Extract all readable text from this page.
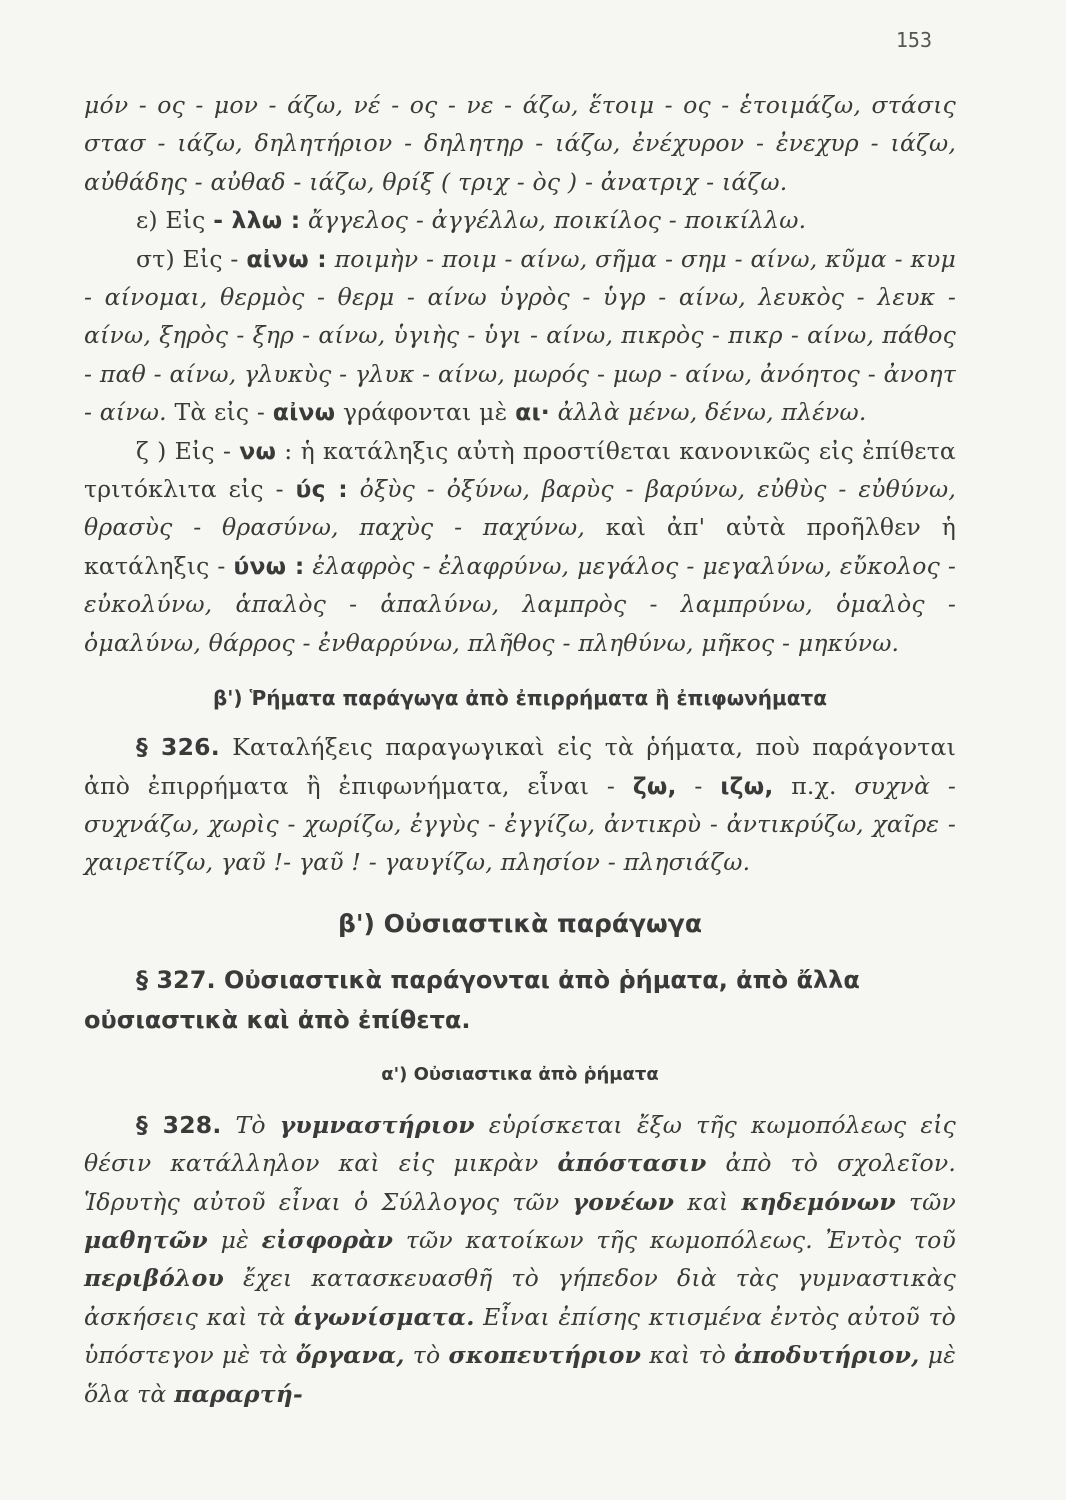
153

μόν - ος - μον - άζω, νέ - ος - νε - άζω, ἕτοιμ - ος - ἑτοιμάζω, στάσις στασ - ιάζω, δηλητήριον - δηλητηρ - ιάζω, ἐνέχυρον - ἐνεχυρ - ιάζω, αὐθάδης - αὐθαδ - ιάζω, θρίξ ( τριχ - ὸς ) - ἀνατριχ - ιάζω.

ε) Εἰς - λλω : ἄγγελος - ἀγγέλλω, ποικίλος - ποικίλλω.

στ) Εἰς - αἰνω : ποιμὴν - ποιμ - αίνω, σῆμα - σημ - αίνω, κῦμα - κυμ - αίνομαι, θερμὸς - θερμ - αίνω ὑγρὸς - ὑγρ - αίνω, λευκὸς - λευκ - αίνω, ξηρὸς - ξηρ - αίνω, ὑγιὴς - ὑγι - αίνω, πικρὸς - πικρ - αίνω, πάθος - παθ - αίνω, γλυκὺς - γλυκ - αίνω, μωρός - μωρ - αίνω, ἀνόητος - ἀνοητ - αίνω. Τὰ εἰς - αἰνω γράφονται μὲ αι· ἀλλὰ μένω, δένω, πλένω.

ζ ) Εἰς - νω : ἡ κατάληξις αὐτὴ προστίθεται κανονικῶς εἰς ἐπίθετα τριτόκλιτα εἰς - ύς : ὀξὺς - ὀξύνω, βαρὺς - βαρύνω, εὐθὺς - εὐθύνω, θρασὺς - θρασύνω, παχὺς - παχύνω, καὶ ἀπ' αὐτὰ προῆλθεν ἡ κατάληξις - ύνω : ἐλαφρὸς - ἐλαφρύνω, μεγάλος - μεγαλύνω, εὔκολος - εὐκολύνω, ἁπαλὸς - ἁπαλύνω, λαμπρὸς - λαμπρύνω, ὁμαλὸς - ὁμαλύνω, θάρρος - ἐνθαρρύνω, πλῆθος - πληθύνω, μῆκος - μηκύνω.

β') Ῥήματα παράγωγα ἀπὸ ἐπιρρήματα ἢ ἐπιφωνήματα

§ 326. Καταλήξεις παραγωγικαὶ εἰς τὰ ῥήματα, ποὺ παράγονται ἀπὸ ἐπιρρήματα ἢ ἐπιφωνήματα, εἶναι - ζω, - ιζω, π.χ. συχνὰ - συχνάζω, χωρὶς - χωρίζω, ἐγγὺς - ἐγγίζω, ἀντικρὺ - ἀντικρύζω, χαῖρε - χαιρετίζω, γαῦ !- γαῦ ! - γαυγίζω, πλησίον - πλησιάζω.

β') Οὐσιαστικὰ παράγωγα

§ 327. Οὐσιαστικὰ παράγονται ἀπὸ ῥήματα, ἀπὸ ἄλλα οὐσιαστικὰ καὶ ἀπὸ ἐπίθετα.

α') Οὐσιαστικα ἀπὸ ῥήματα

§ 328. Τὸ γυμναστήριον εὑρίσκεται ἔξω τῆς κωμοπόλεως εἰς θέσιν κατάλληλον καὶ εἰς μικρὰν ἀπόστασιν ἀπὸ τὸ σχολεῖον. Ἱδρυτὴς αὐτοῦ εἶναι ὁ Σύλλογος τῶν γονέων καὶ κηδεμόνων τῶν μαθητῶν μὲ εἰσφορὰν τῶν κατοίκων τῆς κωμοπόλεως. Ἐντὸς τοῦ περιβόλου ἔχει κατασκευασθῆ τὸ γήπεδον διὰ τὰς γυμναστικὰς ἀσκήσεις καὶ τὰ ἀγωνίσματα. Εἶναι ἐπίσης κτισμένα ἐντὸς αὐτοῦ τὸ ὑπόστεγον μὲ τὰ ὄργανα, τὸ σκοπευτήριον καὶ τὸ ἀποδυτήριον, μὲ ὅλα τὰ παραρτή-
